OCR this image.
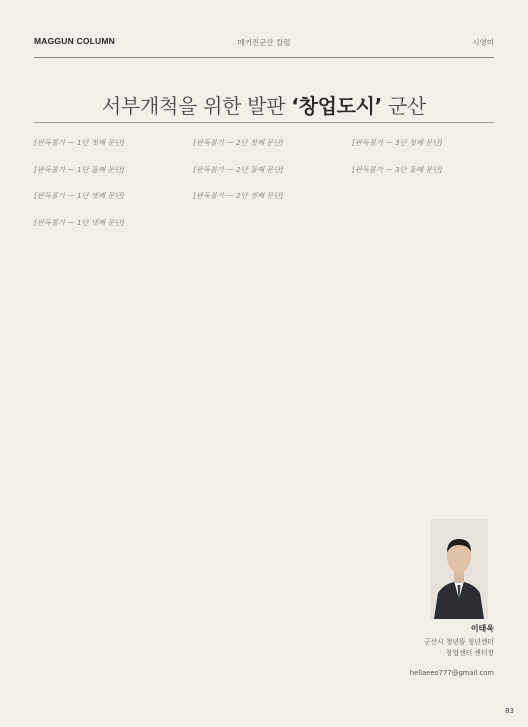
MAGGUN COLUMN	매거진군산 칼럼	시영미
서부개척을 위한 발판 ‘창업도시’ 군산

[판독불가 — 1단 첫째 문단]

[판독불가 — 1단 둘째 문단]

[판독불가 — 1단 셋째 문단]

[판독불가 — 1단 넷째 문단]

[판독불가 — 2단 첫째 문단]

[판독불가 — 2단 둘째 문단]

[판독불가 — 2단 셋째 문단]

[판독불가 — 3단 첫째 문단]

[판독불가 — 3단 둘째 문단]

이태욱
군산시 청년뜰 청년센터
창업센터 센터장
hellaeeo777@gmail.com
83
